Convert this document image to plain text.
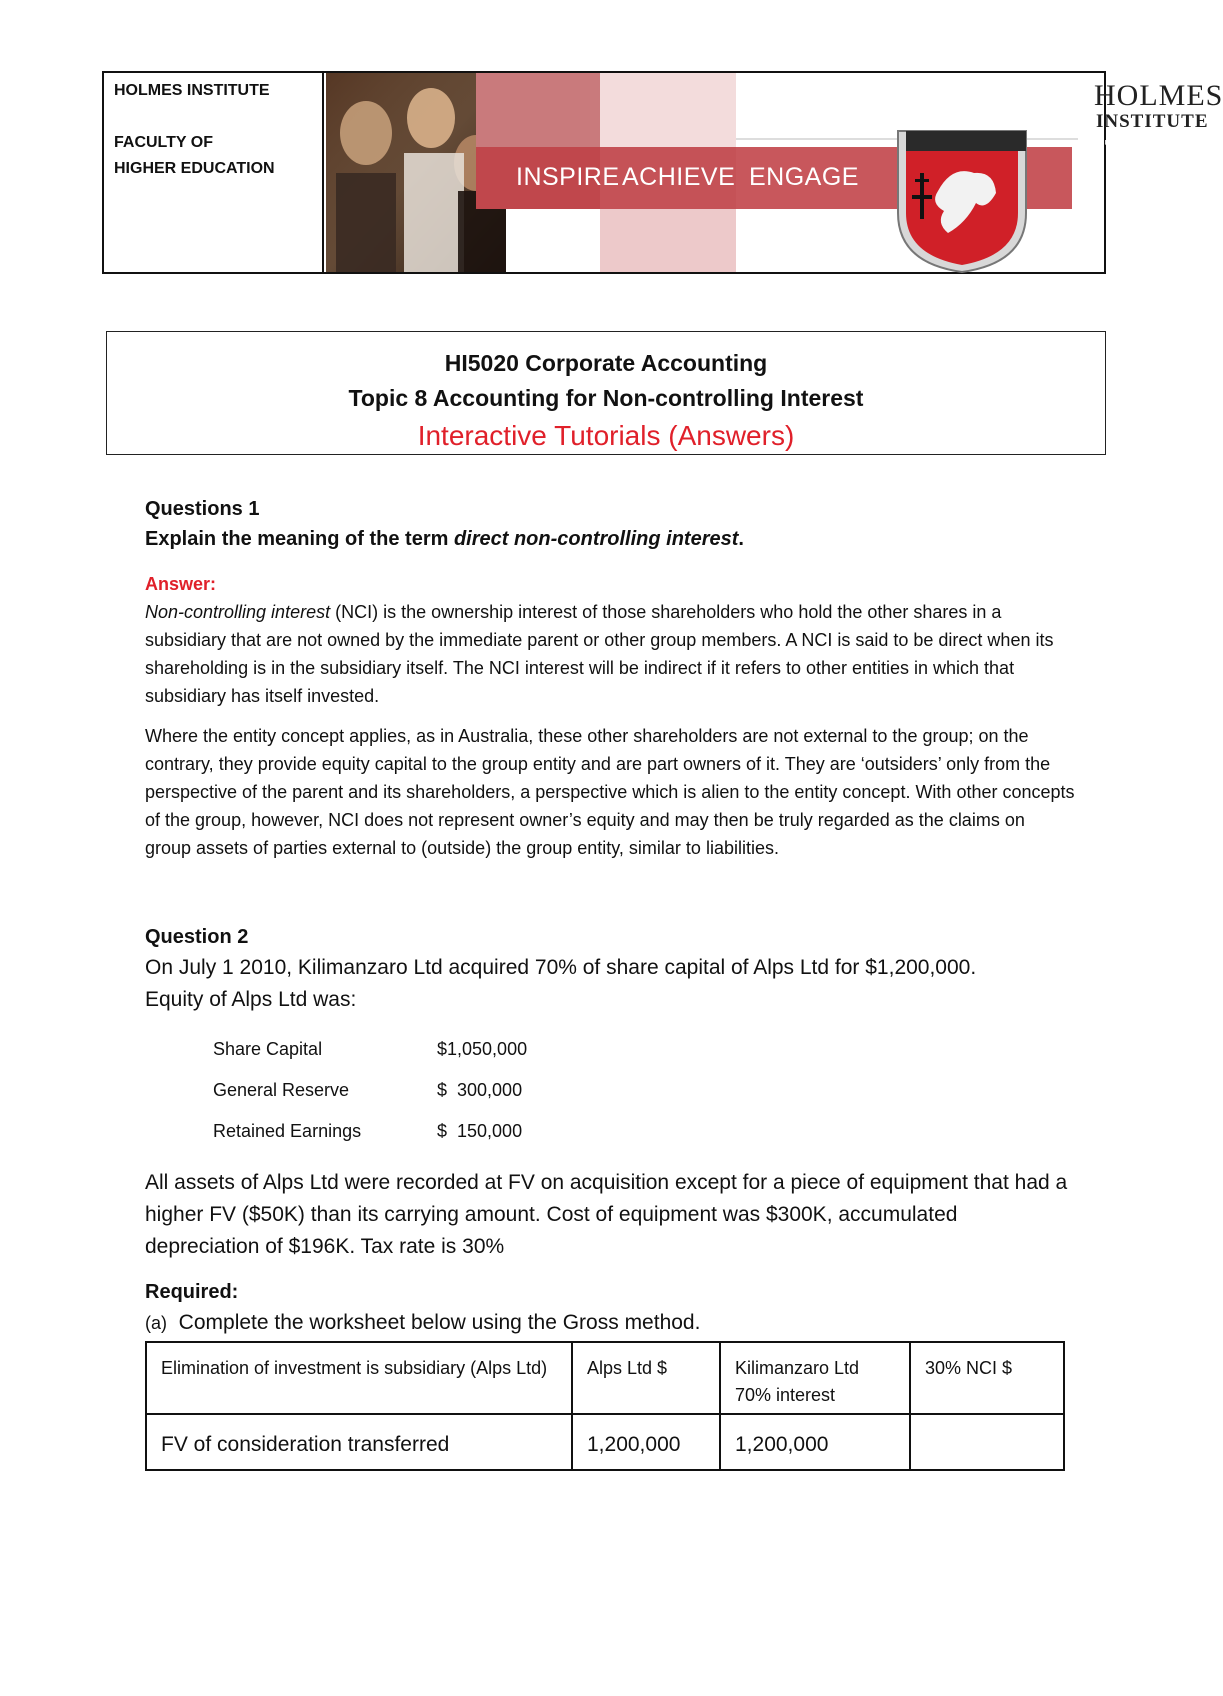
HOLMES INSTITUTE
FACULTY OF
HIGHER EDUCATION	INSPIRE ACHIEVE ENGAGE
HOLMES
INSTITUTE
Cum Propris Suis Alis Volat
HI5020 Corporate Accounting
Topic 8 Accounting for Non-controlling Interest
Interactive Tutorials (Answers)
Questions 1
Explain the meaning of the term direct non-controlling interest.
Answer:

Non-controlling interest (NCI) is the ownership interest of those shareholders who hold the other shares in a subsidiary that are not owned by the immediate parent or other group members. A NCI is said to be direct when its shareholding is in the subsidiary itself. The NCI interest will be indirect if it refers to other entities in which that subsidiary has itself invested.

Where the entity concept applies, as in Australia, these other shareholders are not external to the group; on the contrary, they provide equity capital to the group entity and are part owners of it. They are ‘outsiders’ only from the perspective of the parent and its shareholders, a perspective which is alien to the entity concept. With other concepts of the group, however, NCI does not represent owner’s equity and may then be truly regarded as the claims on group assets of parties external to (outside) the group entity, similar to liabilities.

Question 2
On July 1 2010, Kilimanzaro Ltd acquired 70% of share capital of Alps Ltd for $1,200,000.
Equity of Alps Ltd was:
Share Capital	$1,050,000
General Reserve	$  300,000
Retained Earnings	$  150,000
All assets of Alps Ltd were recorded at FV on acquisition except for a piece of equipment that had a higher FV ($50K) than its carrying amount. Cost of equipment was $300K, accumulated depreciation of $196K. Tax rate is 30%
Required:
(a) Complete the worksheet below using the Gross method.
Elimination of investment is subsidiary (Alps Ltd)	Alps Ltd $	Kilimanzaro Ltd 70% interest	30% NCI $
FV of consideration transferred	1,200,000	1,200,000	
